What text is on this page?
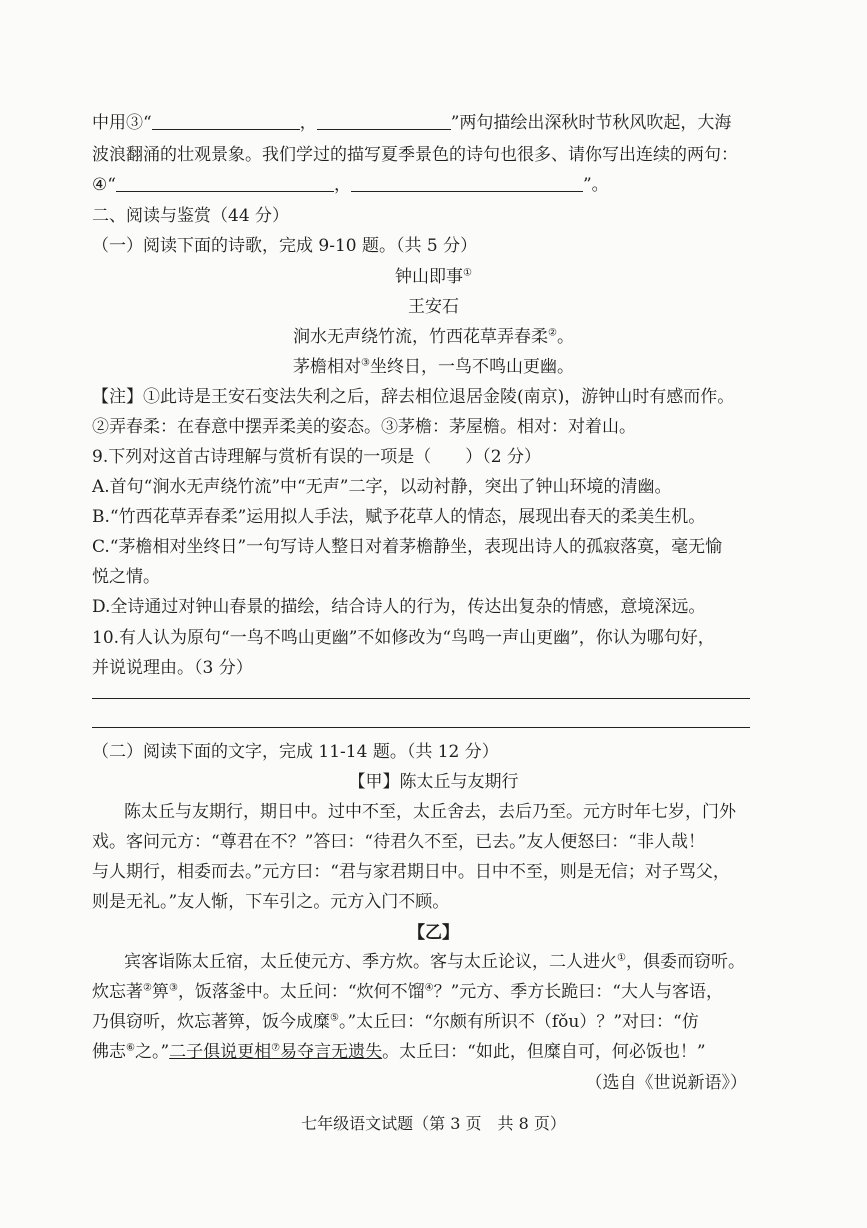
中用③“	，	”两句描绘出深秋时节秋风吹起，大海
波浪翻涌的壮观景象。我们学过的描写夏季景色的诗句也很多、请你写出连续的两句：
④“	，	”。
二、阅读与鉴赏（44 分）
（一）阅读下面的诗歌，完成 9-10 题。（共 5 分）
钟山即事①
王安石
涧水无声绕竹流，竹西花草弄春柔②。
茅檐相对③坐终日，一鸟不鸣山更幽。
【注】①此诗是王安石变法失利之后，辞去相位退居金陵(南京)，游钟山时有感而作。
②弄春柔：在春意中摆弄柔美的姿态。③茅檐：茅屋檐。相对：对着山。
9.下列对这首古诗理解与赏析有误的一项是（　　）（2 分）
A.首句“涧水无声绕竹流”中“无声”二字，以动衬静，突出了钟山环境的清幽。
B.“竹西花草弄春柔”运用拟人手法，赋予花草人的情态，展现出春天的柔美生机。
C.“茅檐相对坐终日”一句写诗人整日对着茅檐静坐，表现出诗人的孤寂落寞，毫无愉
悦之情。
D.全诗通过对钟山春景的描绘，结合诗人的行为，传达出复杂的情感，意境深远。
10.有人认为原句“一鸟不鸣山更幽”不如修改为“鸟鸣一声山更幽”，你认为哪句好，
并说说理由。（3 分）
（二）阅读下面的文字，完成 11-14 题。（共 12 分）
【甲】陈太丘与友期行
陈太丘与友期行，期日中。过中不至，太丘舍去，去后乃至。元方时年七岁，门外
戏。客问元方：“尊君在不？”答曰：“待君久不至，已去。”友人便怒曰：“非人哉！
与人期行，相委而去。”元方曰：“君与家君期日中。日中不至，则是无信；对子骂父，
则是无礼。”友人惭，下车引之。元方入门不顾。
【乙】
宾客诣陈太丘宿，太丘使元方、季方炊。客与太丘论议，二人进火①，俱委而窃听。
炊忘著②箅③，饭落釜中。太丘问：“炊何不馏④？”元方、季方长跪曰：“大人与客语，
乃俱窃听，炊忘著箅，饭今成糜⑤。”太丘曰：“尔颇有所识不（fǒu）？”对曰：“仿
佛志⑥之。”二子俱说更相⑦易夺言无遗失。太丘曰：“如此，但糜自可，何必饭也！”
（选自《世说新语》）
七年级语文试题（第 3 页　共 8 页）
